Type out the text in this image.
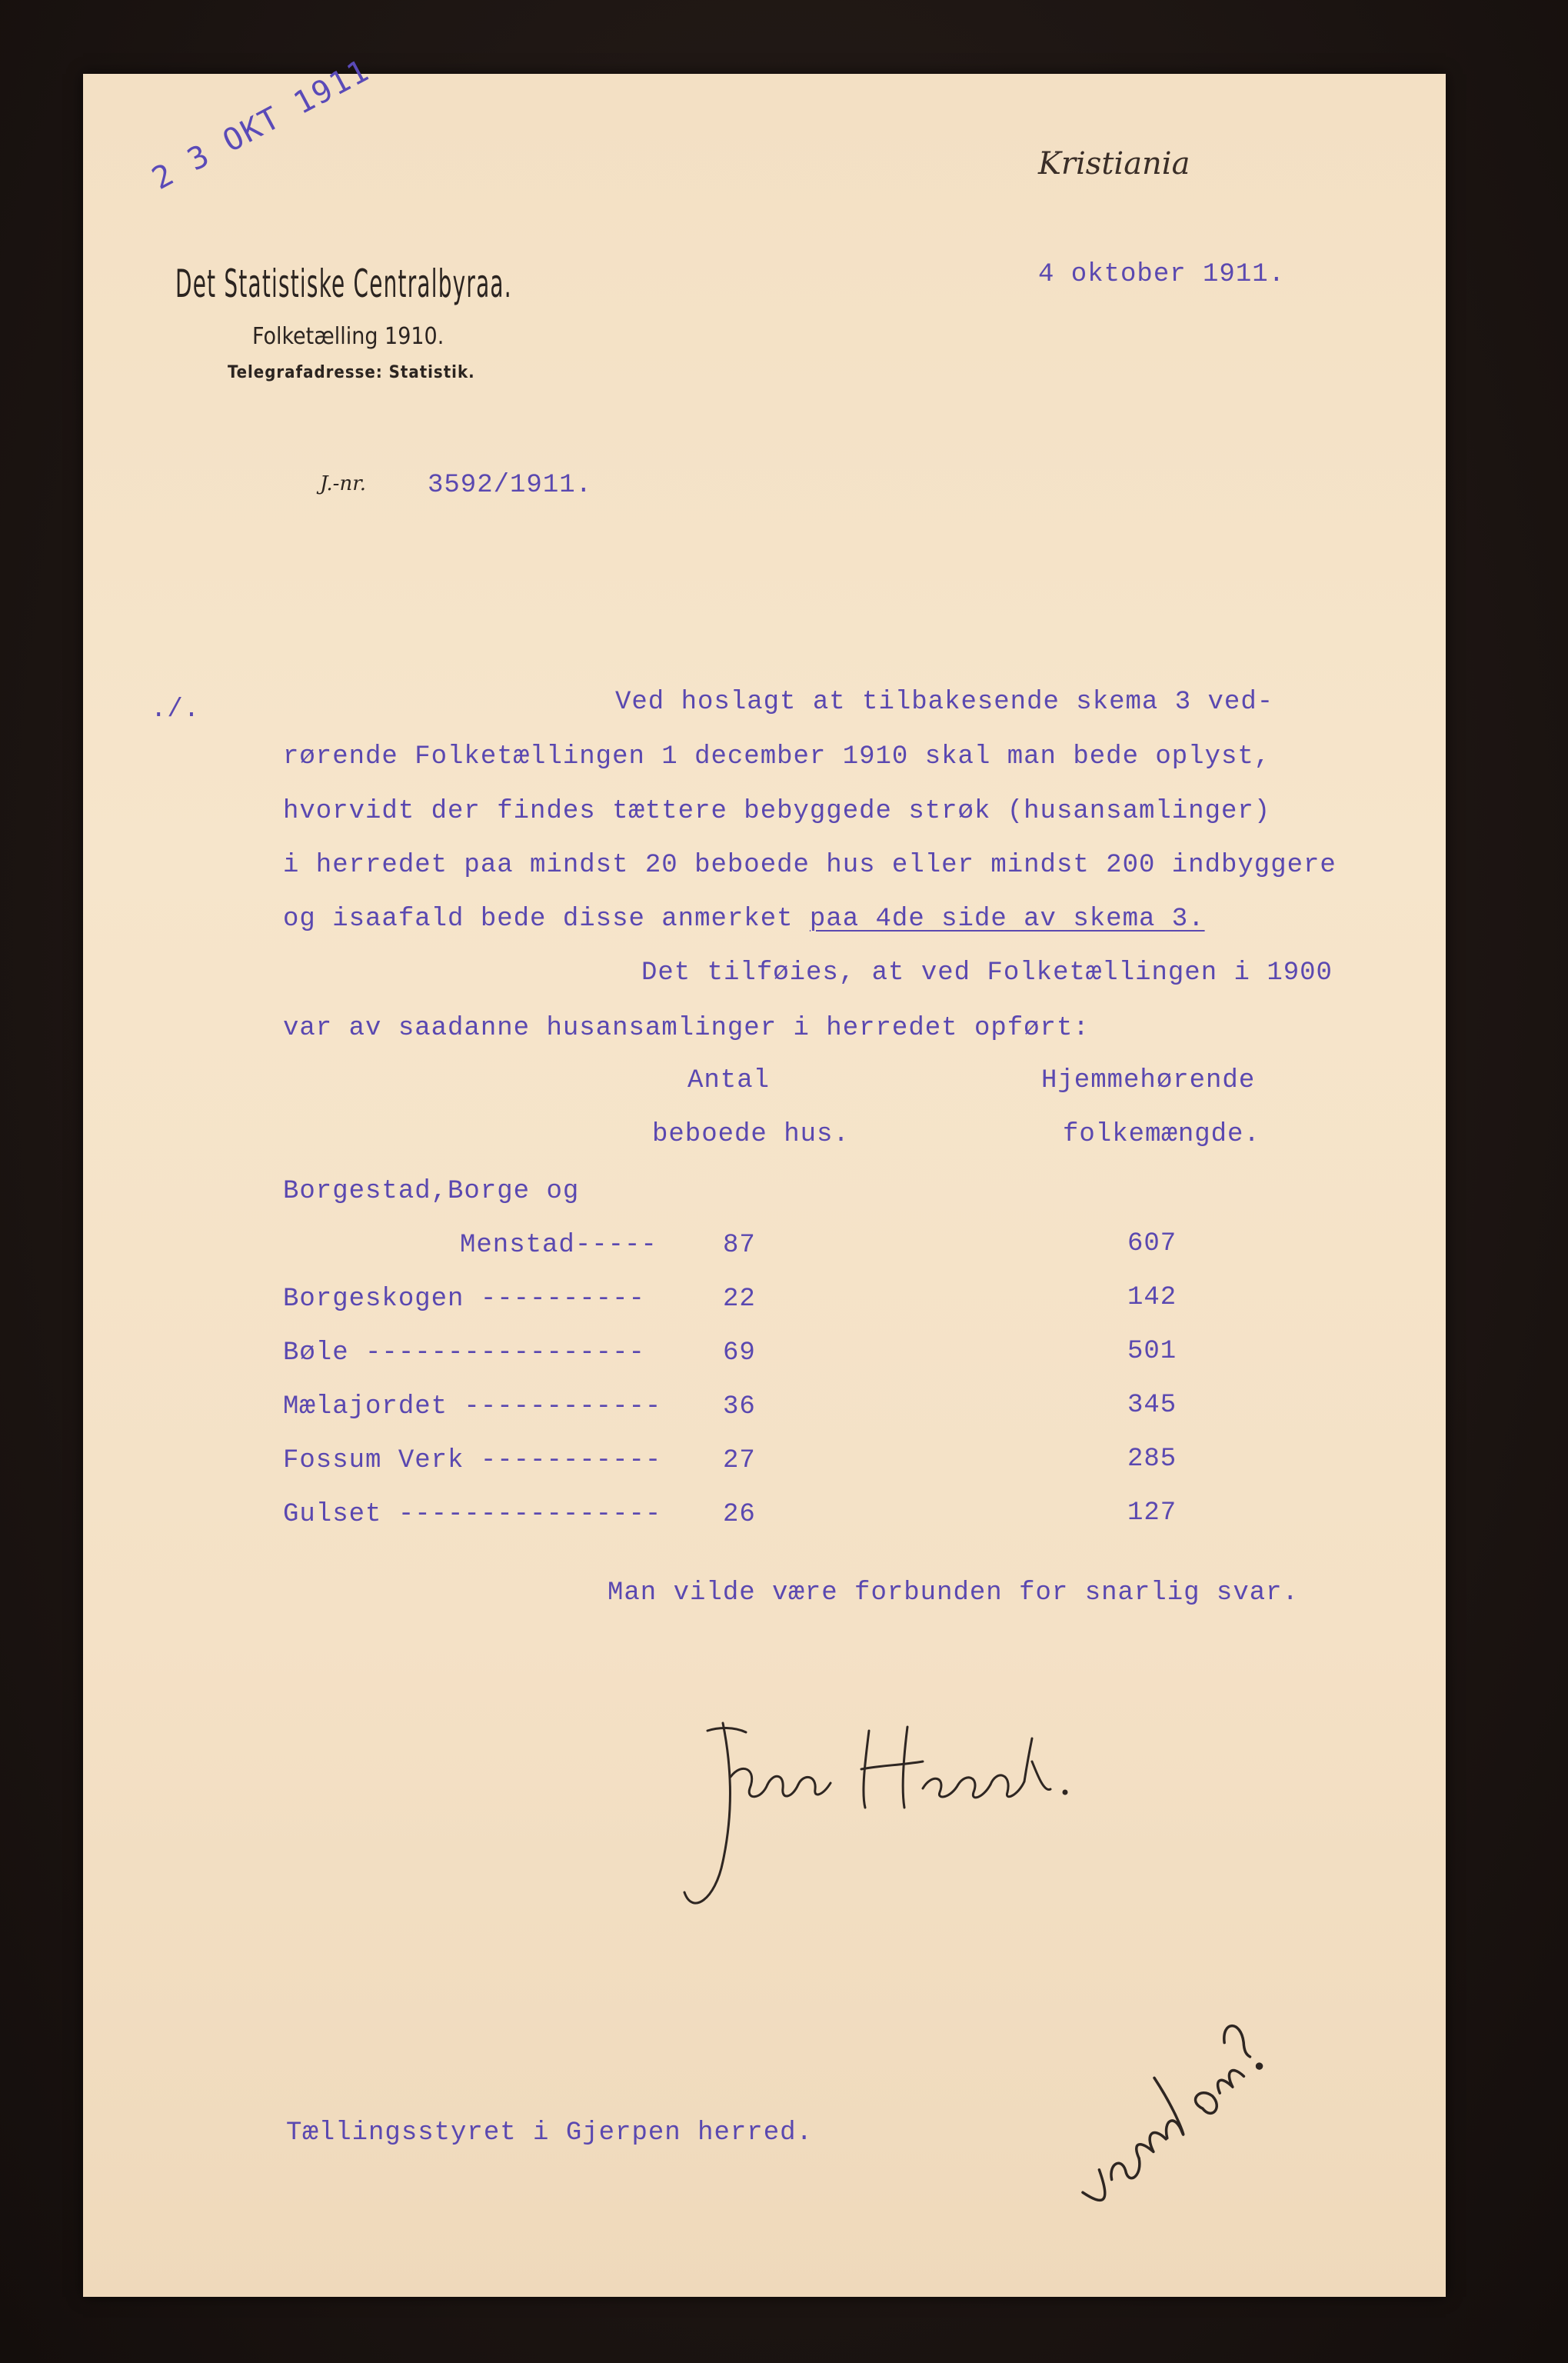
2 3 OKT 1911	Kristiania
Det Statistiske Centralbyraa.
Folketælling 1910.
Telegrafadresse: Statistik.
4 oktober 1911.
J.-nr. 3592/1911.
./.	Ved hoslagt at tilbakesende skema 3 ved-
rørende Folketællingen 1 december 1910 skal man bede oplyst,
hvorvidt der findes tættere bebyggede strøk (husansamlinger)
i herredet paa mindst 20 beboede hus eller mindst 200 indbyggere
og isaafald bede disse anmerket paa 4de side av skema 3.
Det tilføies, at ved Folketællingen i 1900
var av saadanne husansamlinger i herredet opført:
Antal
beboede hus.
Hjemmehørende
folkemængde.
Borgestad,Borge og
Menstad-----	87	607
Borgeskogen ----------	22	142
Bøle -----------------	69	501
Mælajordet ------------ 36	345
Fossum Verk ----------- 27	285
Gulset ---------------- 26	127
Man vilde være forbunden for snarlig svar.
Jonas Haanshus.
Tællingsstyret i Gjerpen herred.
vend om?
